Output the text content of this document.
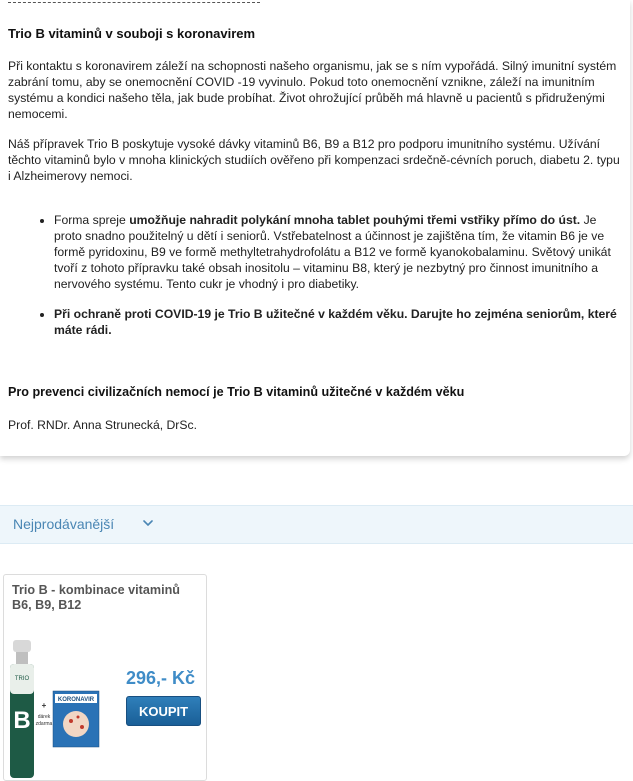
Trio B vitaminů v souboji s koronavirem

Při kontaktu s koronavirem záleží na schopnosti našeho organismu, jak se s ním vypořádá. Silný imunitní systém zabrání tomu, aby se onemocnění COVID -19 vyvinulo. Pokud toto onemocnění vznikne, záleží na imunitním systému a kondici našeho těla, jak bude probíhat. Život ohrožující průběh má hlavně u pacientů s přidruženými nemocemi.

Náš přípravek Trio B poskytuje vysoké dávky vitaminů B6, B9 a B12 pro podporu imunitního systému. Užívání těchto vitaminů bylo v mnoha klinických studiích ověřeno při kompenzaci srdečně-cévních poruch, diabetu 2. typu i Alzheimerovy nemoci.

• Forma spreje umožňuje nahradit polykání mnoha tablet pouhými třemi vstřiky přímo do úst. Je proto snadno použitelný u dětí i seniorů. Vstřebatelnost a účinnost je zajištěna tím, že vitamin B6 je ve formě pyridoxinu, B9 ve formě methyltetrahydrofolátu a B12 ve formě kyanokobalaminu. Světový unikát tvoří z tohoto přípravku také obsah inositolu – vitaminu B8, který je nezbytný pro činnost imunitního a nervového systému. Tento cukr je vhodný i pro diabetiky.
• Při ochraně proti COVID-19 je Trio B užitečné v každém věku. Darujte ho zejména seniorům, které máte rádi.

Pro prevenci civilizačních nemocí je Trio B vitaminů užitečné v každém věku

Prof. RNDr. Anna Strunecká, DrSc.

Nejprodávanější
Trio B - kombinace vitaminů B6, B9, B12
TRIO
B
+
dárek
zdarma
KORONAVIR
296,- Kč
KOUPIT
